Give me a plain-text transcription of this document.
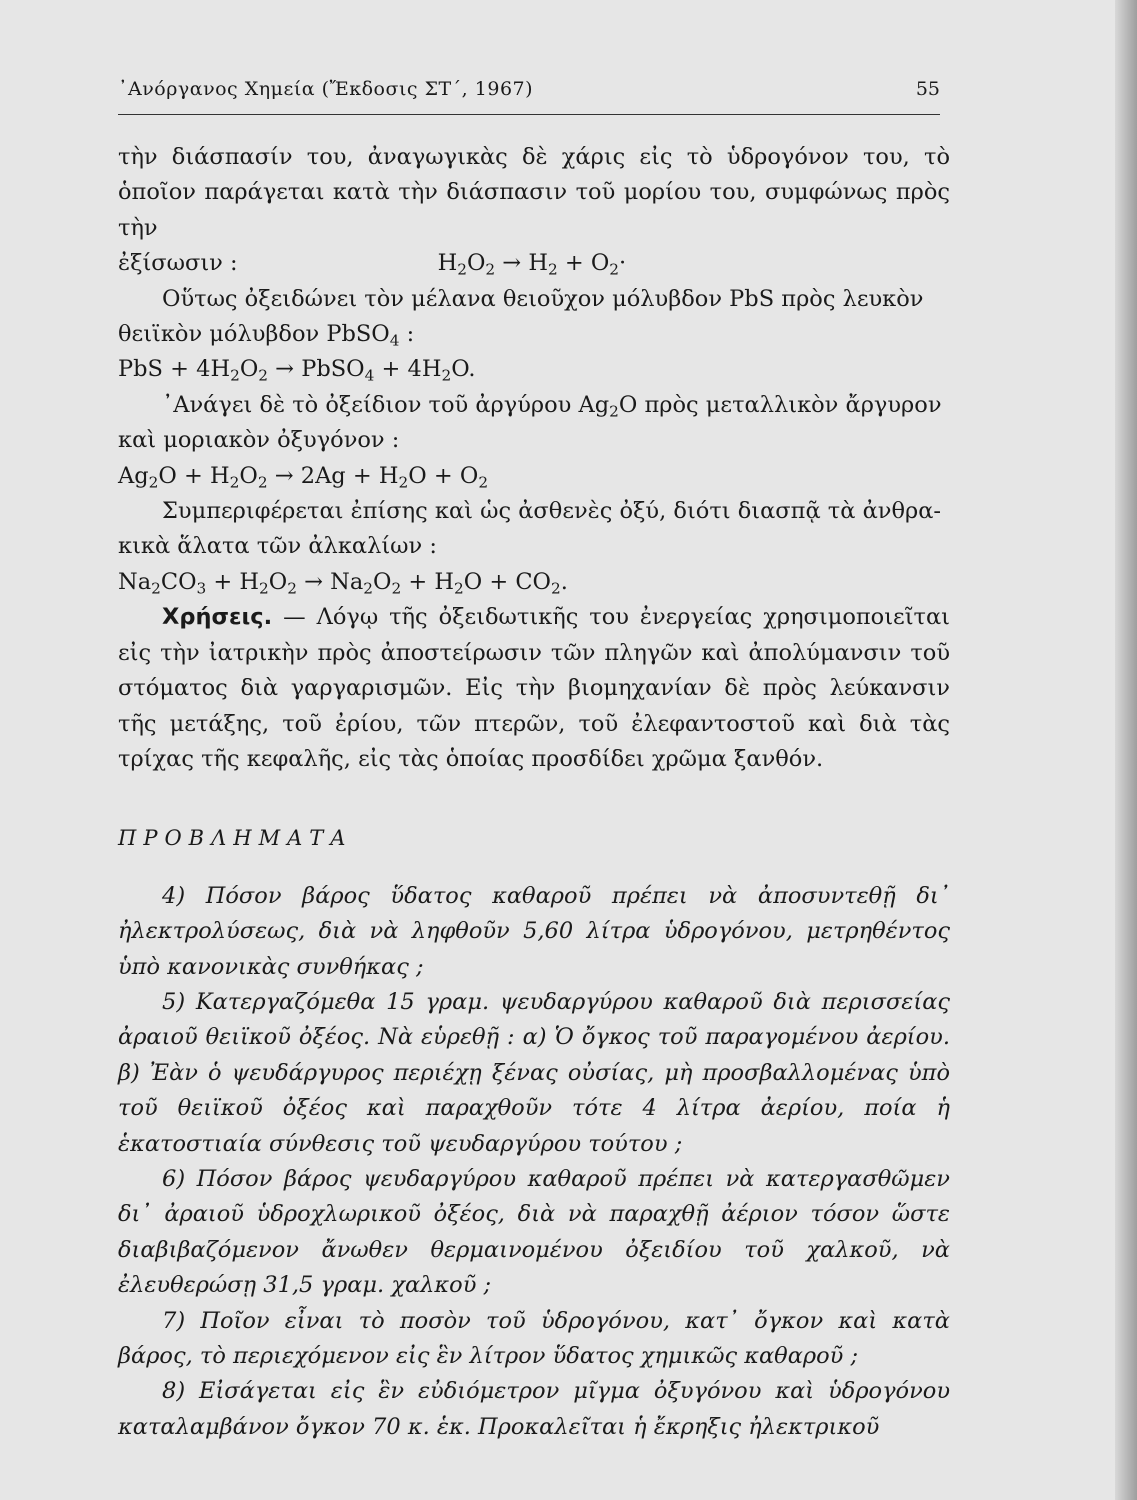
᾿Ανόργανος Χημεία (Ἔκδοσις ΣΤ΄, 1967)	55

τὴν διάσπασίν του, ἀναγωγικὰς δὲ χάρις εἰς τὸ ὑδρογόνον του, τὸ ὁποῖον παράγεται κατὰ τὴν διάσπασιν τοῦ μορίου του, συμφώνως πρὸς τὴν
ἐξίσωσιν :	$H_2O_2 \to H_2 + O_2\cdot$

Οὕτως ὀξειδώνει τὸν μέλανα θειοῦχον μόλυβδον PbS πρὸς λευκὸν
θειϊκὸν μόλυβδον PbSO$_4$ :

PbS + $4H_2O_2$ → PbSO$_4$ + $4H_2O$.

᾿Ανάγει δὲ τὸ ὀξείδιον τοῦ ἀργύρου $Ag_2O$ πρὸς μεταλλικὸν ἄργυρον
καὶ μοριακὸν ὀξυγόνον :

$Ag_2O + H_2O_2 \to 2Ag + H_2O + O_2$

Συμπεριφέρεται ἐπίσης καὶ ὡς ἀσθενὲς ὀξύ, διότι διασπᾷ τὰ ἀνθρα-
κικὰ ἅλατα τῶν ἀλκαλίων :

$Na_2CO_3 + H_2O_2 \to Na_2O_2 + H_2O + CO_2$.

Χρήσεις. — Λόγῳ τῆς ὀξειδωτικῆς του ἐνεργείας χρησιμοποιεῖται εἰς τὴν ἰατρικὴν πρὸς ἀποστείρωσιν τῶν πληγῶν καὶ ἀπολύμανσιν τοῦ στόματος διὰ γαργαρισμῶν. Εἰς τὴν βιομηχανίαν δὲ πρὸς λεύκανσιν τῆς μετάξης, τοῦ ἐρίου, τῶν πτερῶν, τοῦ ἐλεφαντοστοῦ καὶ διὰ τὰς τρίχας τῆς κεφαλῆς, εἰς τὰς ὁποίας προσδίδει χρῶμα ξανθόν.

ΠΡΟΒΛΗΜΑΤΑ

4) Πόσον βάρος ὕδατος καθαροῦ πρέπει νὰ ἀποσυντεθῇ δι᾽ ἠλεκτρολύσεως, διὰ νὰ ληφθοῦν 5,60 λίτρα ὑδρογόνου, μετρηθέντος ὑπὸ κανονικὰς συνθήκας ;

5) Κατεργαζόμεθα 15 γραμ. ψευδαργύρου καθαροῦ διὰ περισσείας ἀραιοῦ θειϊκοῦ ὀξέος. Νὰ εὑρεθῇ : α) Ὁ ὄγκος τοῦ παραγομένου ἀερίου. β) Ἐὰν ὁ ψευδάργυρος περιέχῃ ξένας οὐσίας, μὴ προσβαλλομένας ὑπὸ τοῦ θειϊκοῦ ὀξέος καὶ παραχθοῦν τότε 4 λίτρα ἀερίου, ποία ἡ ἑκατοστιαία σύνθεσις τοῦ ψευδαργύρου τούτου ;

6) Πόσον βάρος ψευδαργύρου καθαροῦ πρέπει νὰ κατεργασθῶμεν δι᾽ ἀραιοῦ ὑδροχλωρικοῦ ὀξέος, διὰ νὰ παραχθῇ ἀέριον τόσον ὥστε διαβιβαζόμενον ἄνωθεν θερμαινομένου ὀξειδίου τοῦ χαλκοῦ, νὰ ἐλευθερώσῃ 31,5 γραμ. χαλκοῦ ;

7) Ποῖον εἶναι τὸ ποσὸν τοῦ ὑδρογόνου, κατ᾽ ὄγκον καὶ κατὰ βάρος, τὸ περιεχόμενον εἰς ἓν λίτρον ὕδατος χημικῶς καθαροῦ ;

8) Εἰσάγεται εἰς ἓν εὐδιόμετρον μῖγμα ὀξυγόνου καὶ ὑδρογόνου καταλαμβάνον ὄγκον 70 κ. ἑκ. Προκαλεῖται ἡ ἔκρηξις ἠλεκτρικοῦ
